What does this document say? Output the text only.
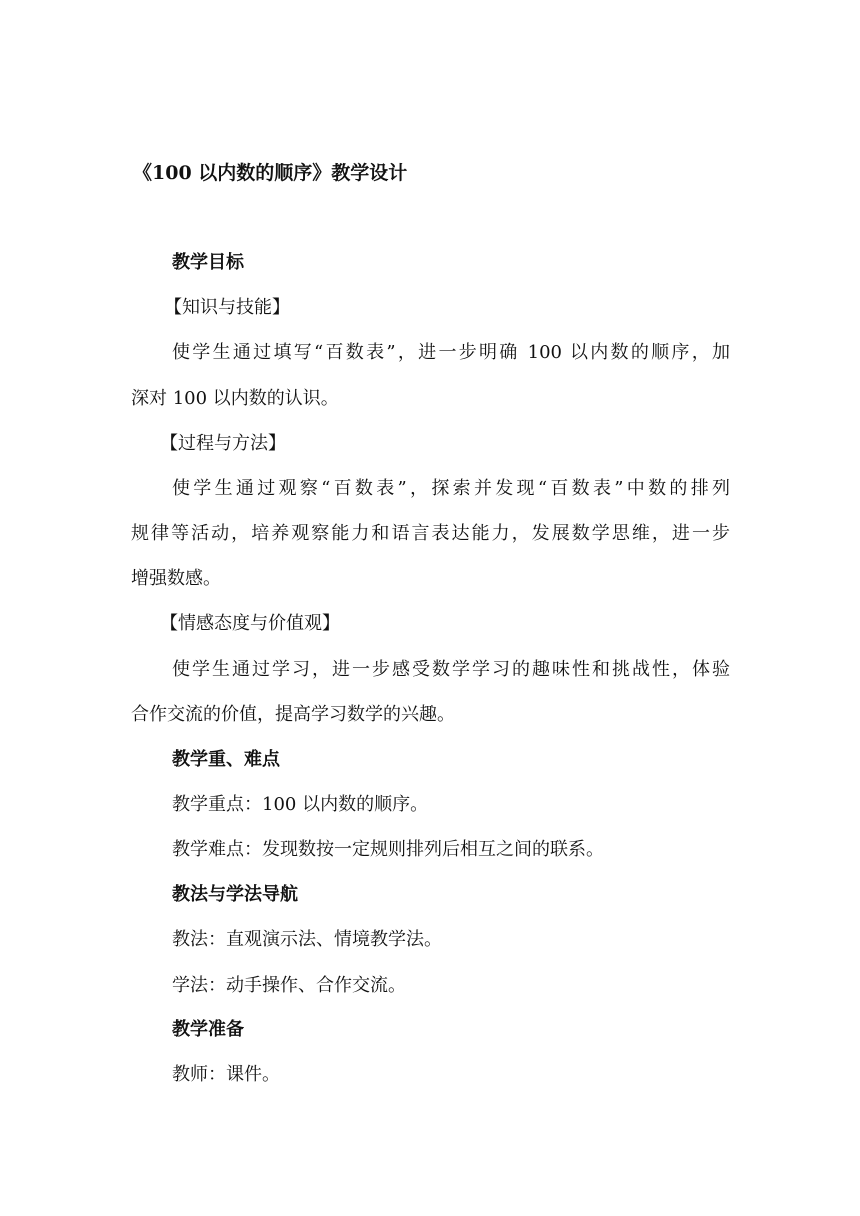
《100 以内数的顺序》教学设计
教学目标
【知识与技能】
使学生通过填写“百数表”，进一步明确 100 以内数的顺序，加
深对 100 以内数的认识。
【过程与方法】
使学生通过观察“百数表”，探索并发现“百数表”中数的排列
规律等活动，培养观察能力和语言表达能力，发展数学思维，进一步
增强数感。
【情感态度与价值观】
使学生通过学习，进一步感受数学学习的趣味性和挑战性，体验
合作交流的价值，提高学习数学的兴趣。
教学重、难点
教学重点：100 以内数的顺序。
教学难点：发现数按一定规则排列后相互之间的联系。
教法与学法导航
教法：直观演示法、情境教学法。
学法：动手操作、合作交流。
教学准备
教师：课件。
